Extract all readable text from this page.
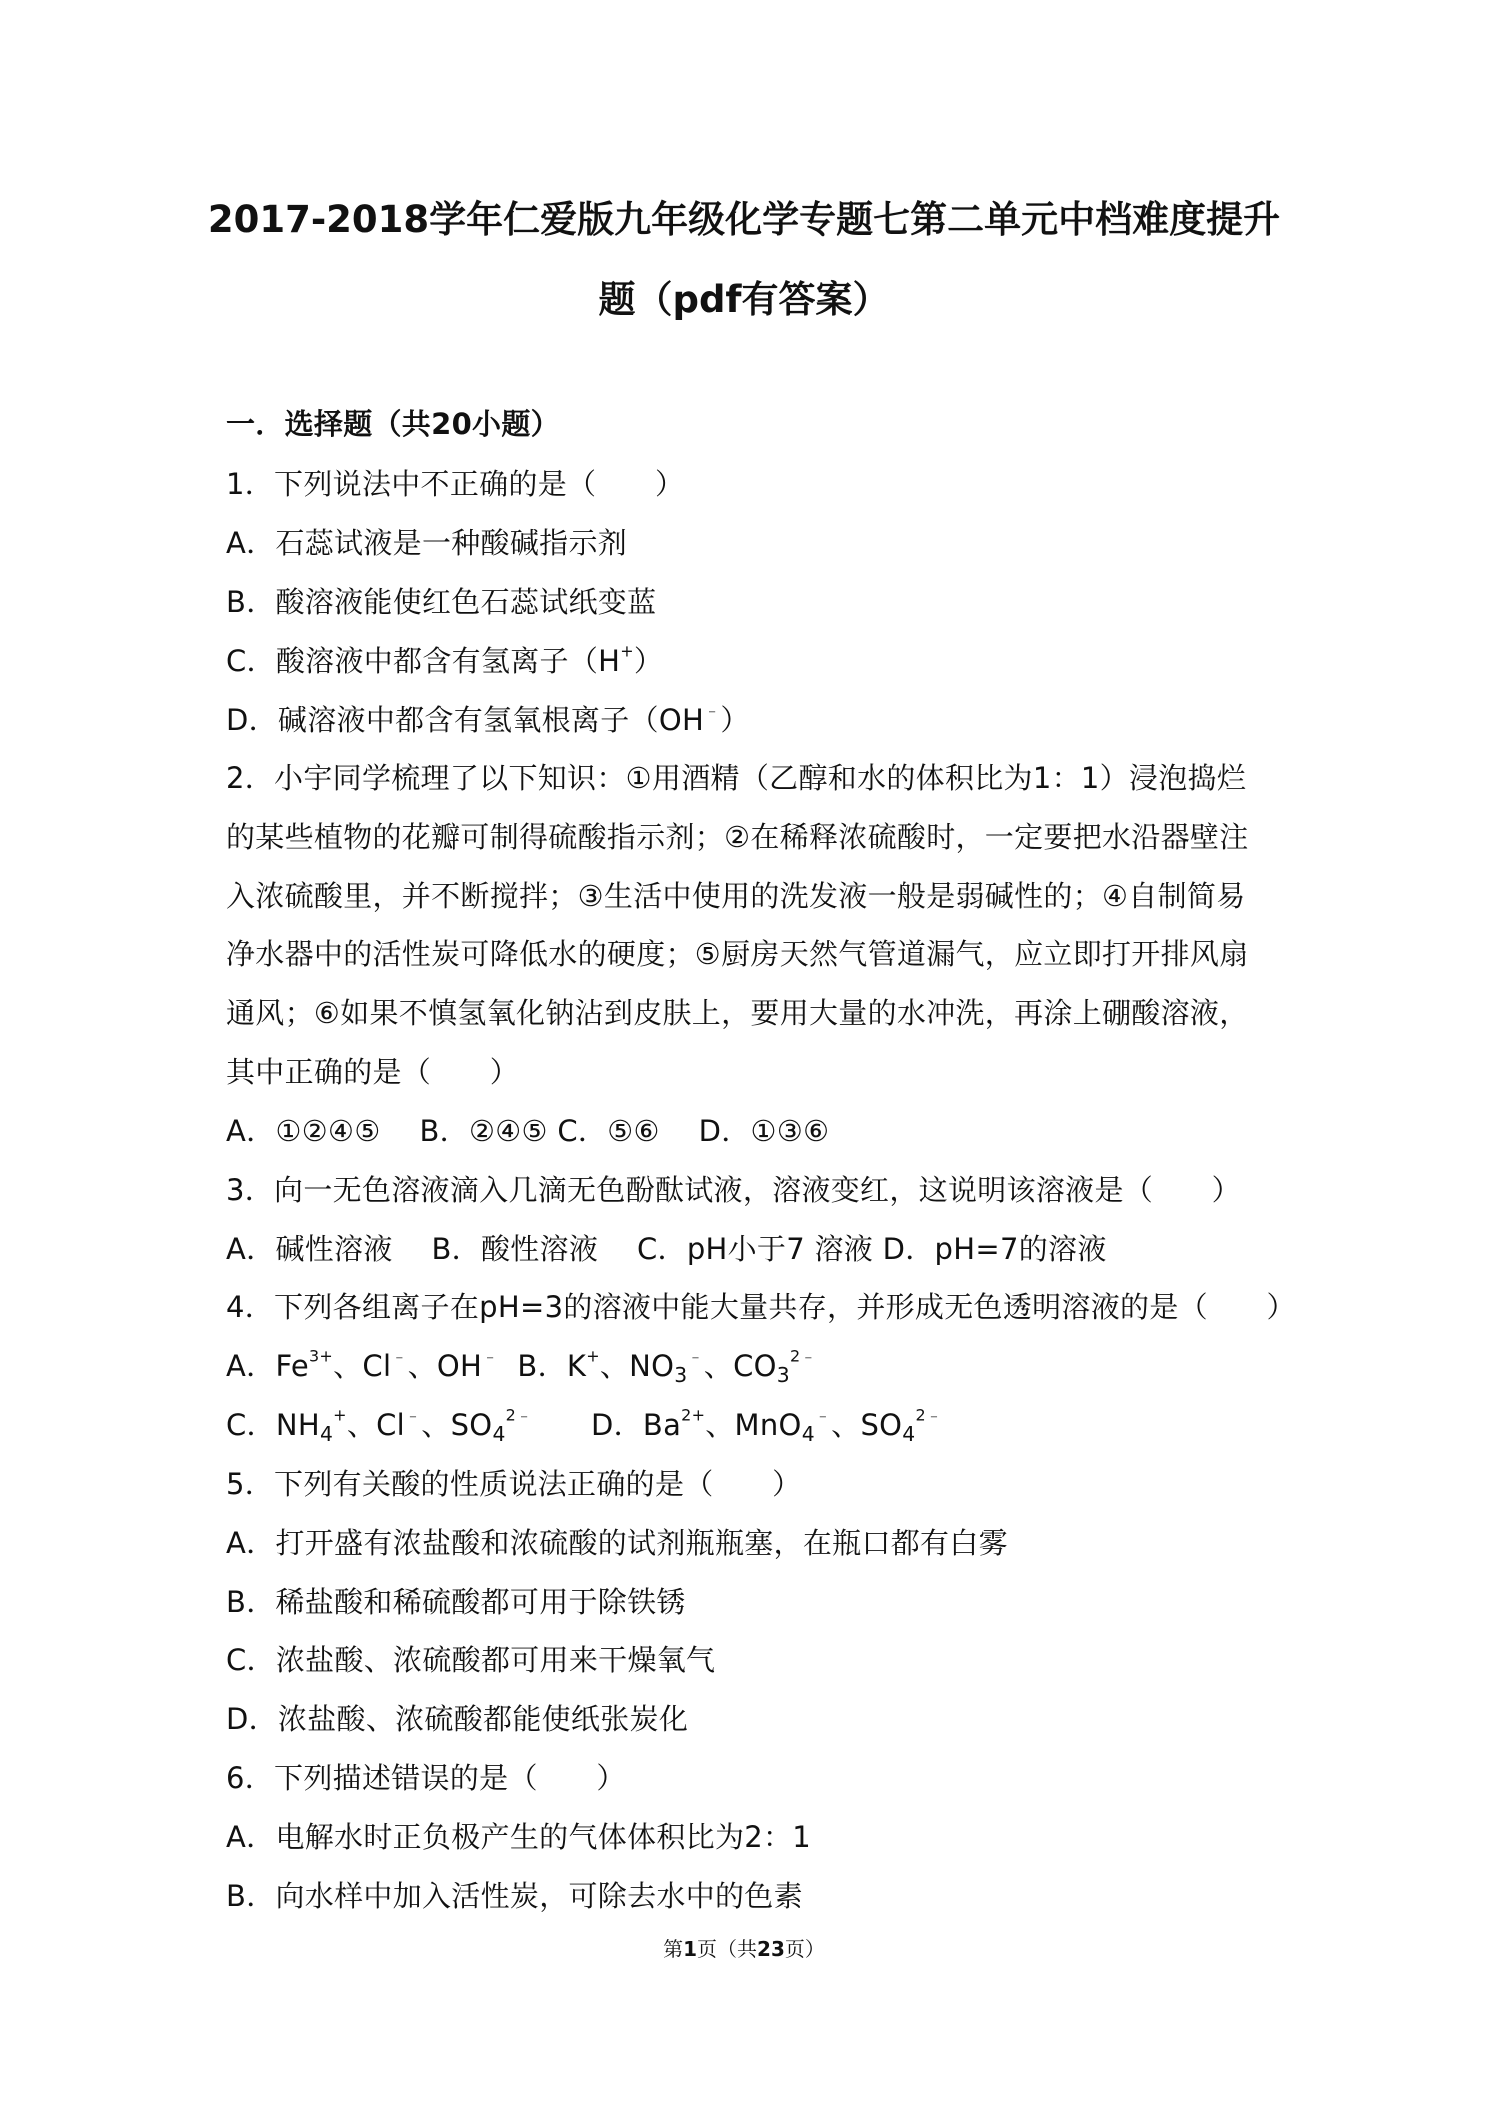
2017-2018学年仁爱版九年级化学专题七第二单元中档难度提升
题（pdf有答案）
一．选择题（共20小题）
1．下列说法中不正确的是（　　）
A．石蕊试液是一种酸碱指示剂
B．酸溶液能使红色石蕊试纸变蓝
C．酸溶液中都含有氢离子（H+）
D．碱溶液中都含有氢氧根离子（OH﹣）
2．小宇同学梳理了以下知识：①用酒精（乙醇和水的体积比为1：1）浸泡捣烂
的某些植物的花瓣可制得硫酸指示剂；②在稀释浓硫酸时，一定要把水沿器壁注
入浓硫酸里，并不断搅拌；③生活中使用的洗发液一般是弱碱性的；④自制简易
净水器中的活性炭可降低水的硬度；⑤厨房天然气管道漏气，应立即打开排风扇
通风；⑥如果不慎氢氧化钠沾到皮肤上，要用大量的水冲洗，再涂上硼酸溶液，
其中正确的是（　　）
A．①②④⑤　 B．②④⑤ C．⑤⑥　 D．①③⑥
3．向一无色溶液滴入几滴无色酚酞试液，溶液变红，这说明该溶液是（　　）
A．碱性溶液　 B．酸性溶液　 C．pH小于7 溶液 D．pH=7的溶液
4．下列各组离子在pH=3的溶液中能大量共存，并形成无色透明溶液的是（　　）
A．$Fe^{3+}$、Cl﹣、OH﹣  B．K+、$NO_3^﹣$、$CO_3^{2﹣}$
C．$NH_4^+$、Cl﹣、$SO_4^{2﹣}$　　D．$Ba^{2+}$、MnO$_4$﹣、$SO_4^{2﹣}$
5．下列有关酸的性质说法正确的是（　　）
A．打开盛有浓盐酸和浓硫酸的试剂瓶瓶塞，在瓶口都有白雾
B．稀盐酸和稀硫酸都可用于除铁锈
C．浓盐酸、浓硫酸都可用来干燥氧气
D．浓盐酸、浓硫酸都能使纸张炭化
6．下列描述错误的是（　　）
A．电解水时正负极产生的气体体积比为2：1
B．向水样中加入活性炭，可除去水中的色素
第1页（共23页）
